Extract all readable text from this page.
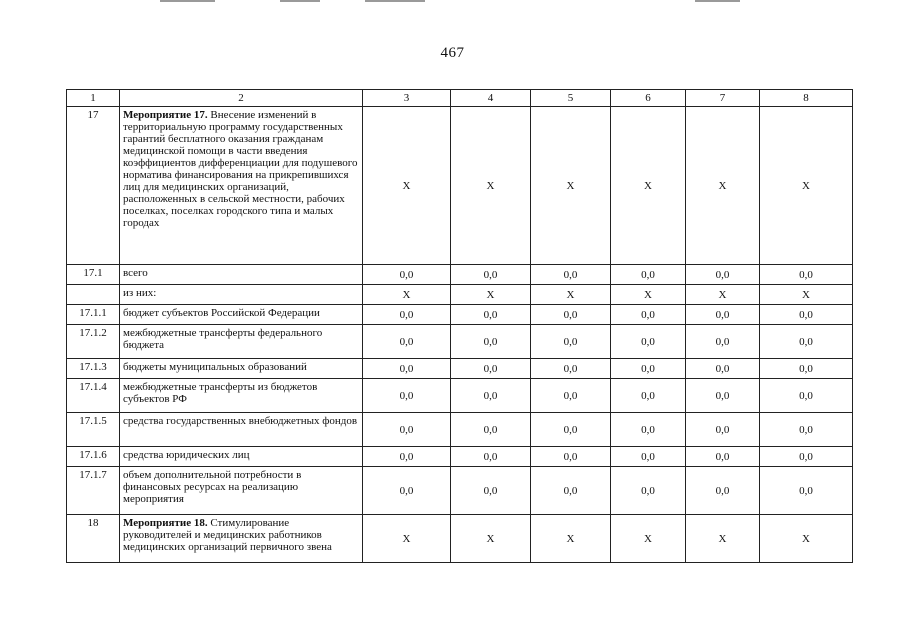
467
1	2	3	4	5	6	7	8
17	Мероприятие 17. Внесение изменений в территориальную программу государственных гарантий бесплатного оказания гражданам медицинской помощи в части введения коэффициентов дифференциации для подушевого норматива финансирования на прикрепившихся лиц для медицинских организаций, расположенных в сельской местности, рабочих поселках, поселках городского типа и малых городах	X	X	X	X	X	X
17.1	всего	0,0	0,0	0,0	0,0	0,0	0,0
	из них:	X	X	X	X	X	X
17.1.1	бюджет субъектов Российской Федерации	0,0	0,0	0,0	0,0	0,0	0,0
17.1.2	межбюджетные трансферты федерального бюджета	0,0	0,0	0,0	0,0	0,0	0,0
17.1.3	бюджеты муниципальных образований	0,0	0,0	0,0	0,0	0,0	0,0
17.1.4	межбюджетные трансферты из бюджетов субъектов РФ	0,0	0,0	0,0	0,0	0,0	0,0
17.1.5	средства государственных внебюджетных фондов	0,0	0,0	0,0	0,0	0,0	0,0
17.1.6	средства юридических лиц	0,0	0,0	0,0	0,0	0,0	0,0
17.1.7	объем дополнительной потребности в финансовых ресурсах на реализацию мероприятия	0,0	0,0	0,0	0,0	0,0	0,0
18	Мероприятие 18. Стимулирование руководителей и медицинских работников медицинских организаций первичного звена	X	X	X	X	X	X
